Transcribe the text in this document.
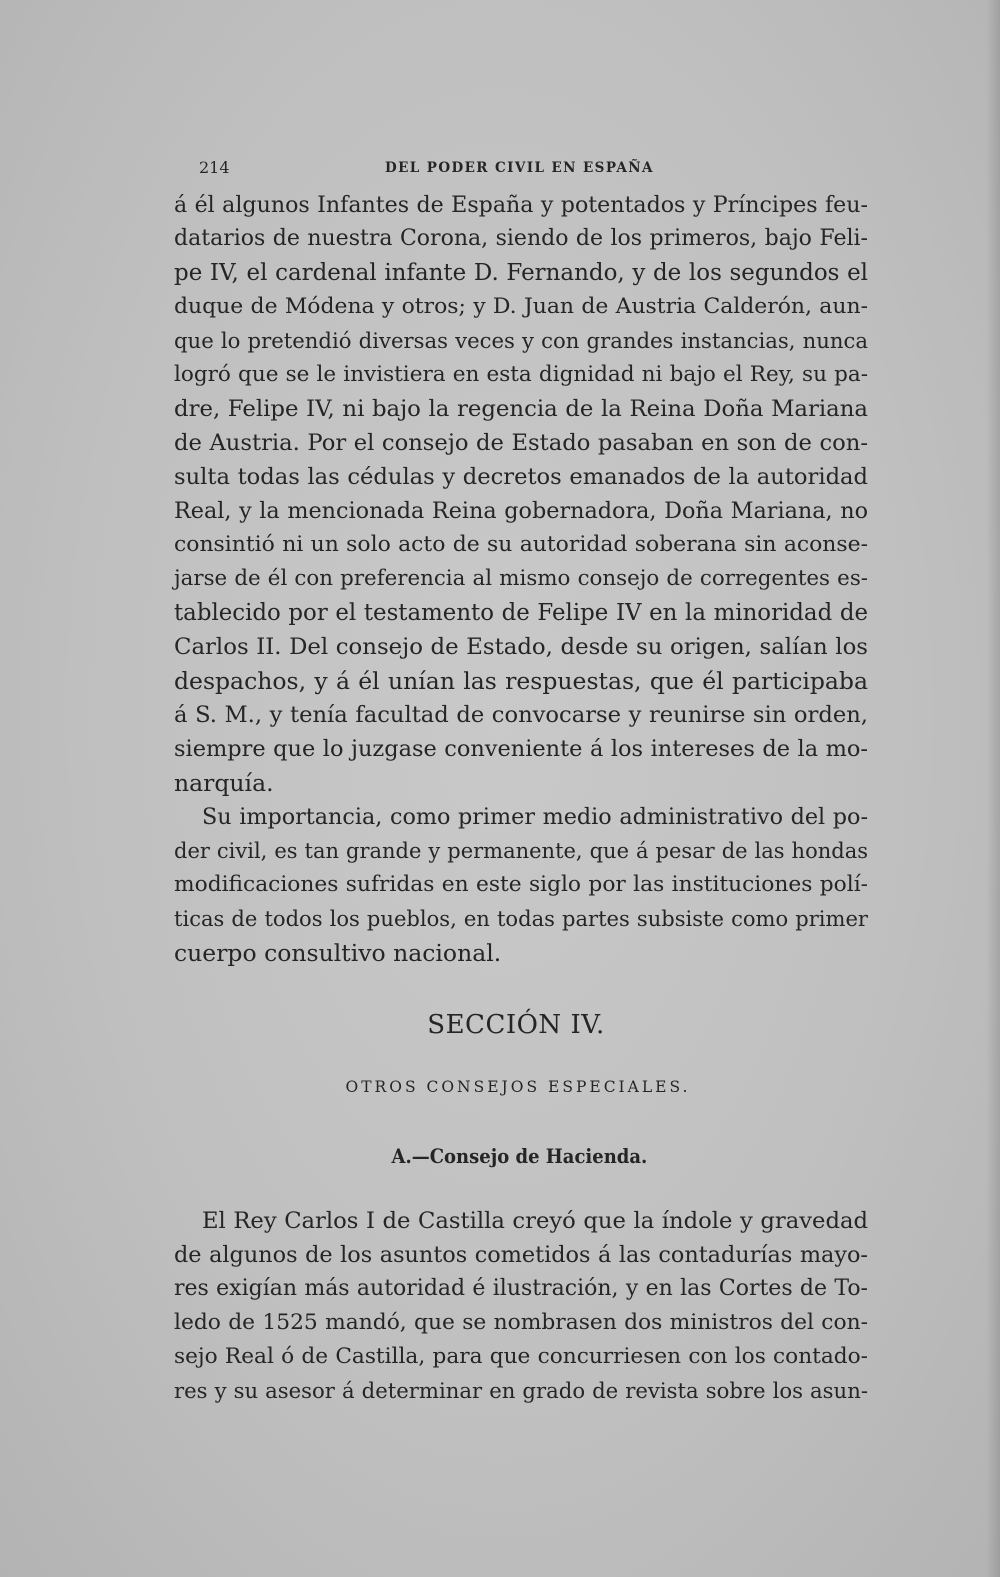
214	DEL PODER CIVIL EN ESPAÑA
á él algunos Infantes de España y potentados y Príncipes feu-
datarios de nuestra Corona, siendo de los primeros, bajo Feli-
pe IV, el cardenal infante D. Fernando, y de los segundos el
duque de Módena y otros; y D. Juan de Austria Calderón, aun-
que lo pretendió diversas veces y con grandes instancias, nunca
logró que se le invistiera en esta dignidad ni bajo el Rey, su pa-
dre, Felipe IV, ni bajo la regencia de la Reina Doña Mariana
de Austria. Por el consejo de Estado pasaban en son de con-
sulta todas las cédulas y decretos emanados de la autoridad
Real, y la mencionada Reina gobernadora, Doña Mariana, no
consintió ni un solo acto de su autoridad soberana sin aconse-
jarse de él con preferencia al mismo consejo de corregentes es-
tablecido por el testamento de Felipe IV en la minoridad de
Carlos II. Del consejo de Estado, desde su origen, salían los
despachos, y á él unían las respuestas, que él participaba
á S. M., y tenía facultad de convocarse y reunirse sin orden,
siempre que lo juzgase conveniente á los intereses de la mo-
narquía.
Su importancia, como primer medio administrativo del po-
der civil, es tan grande y permanente, que á pesar de las hondas
modificaciones sufridas en este siglo por las instituciones polí-
ticas de todos los pueblos, en todas partes subsiste como primer
cuerpo consultivo nacional.
SECCIÓN IV.
OTROS CONSEJOS ESPECIALES.
A.—Consejo de Hacienda.
El Rey Carlos I de Castilla creyó que la índole y gravedad
de algunos de los asuntos cometidos á las contadurías mayo-
res exigían más autoridad é ilustración, y en las Cortes de To-
ledo de 1525 mandó, que se nombrasen dos ministros del con-
sejo Real ó de Castilla, para que concurriesen con los contado-
res y su asesor á determinar en grado de revista sobre los asun-
